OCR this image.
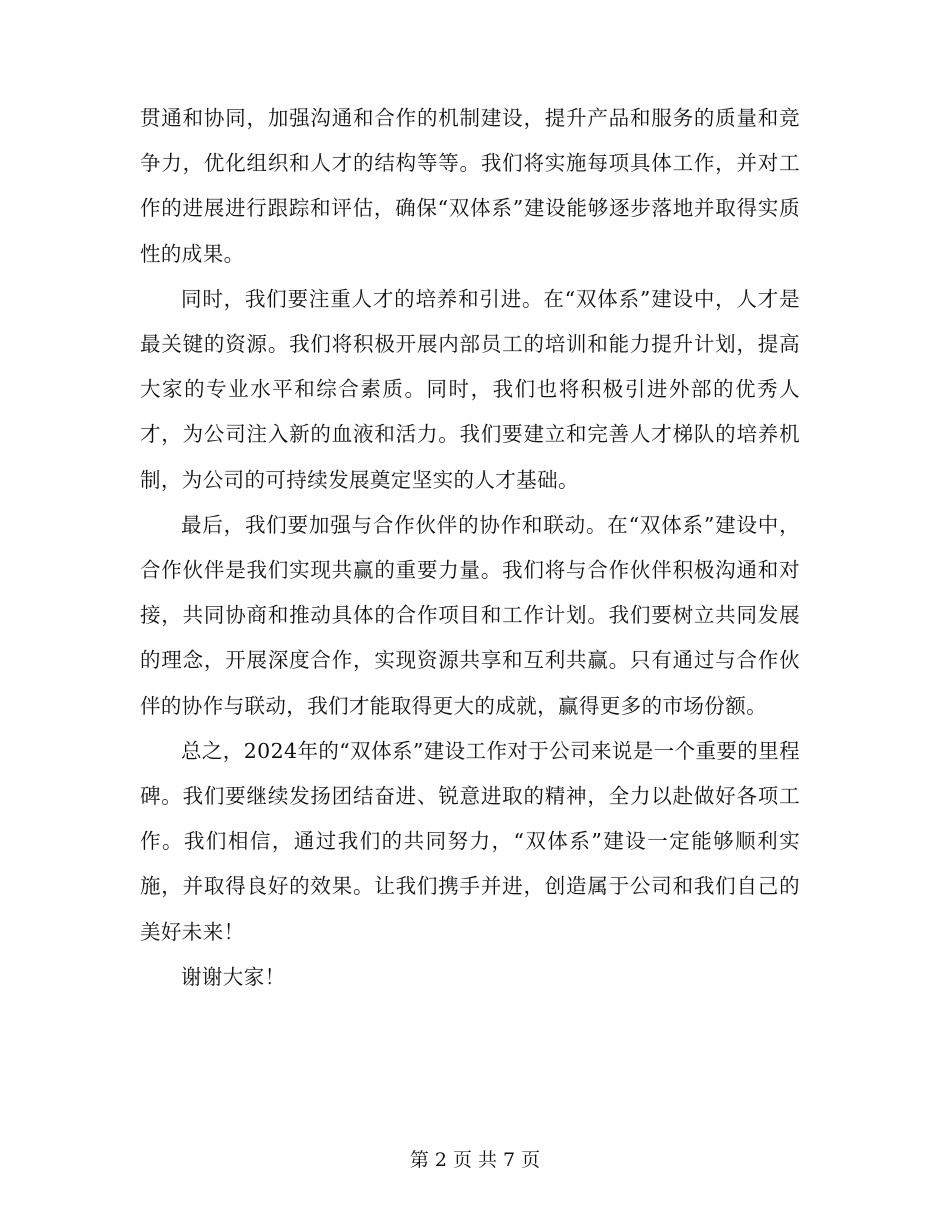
贯通和协同，加强沟通和合作的机制建设，提升产品和服务的质量和竞争力，优化组织和人才的结构等等。我们将实施每项具体工作，并对工作的进展进行跟踪和评估，确保“双体系”建设能够逐步落地并取得实质性的成果。

同时，我们要注重人才的培养和引进。在“双体系”建设中，人才是最关键的资源。我们将积极开展内部员工的培训和能力提升计划，提高大家的专业水平和综合素质。同时，我们也将积极引进外部的优秀人才，为公司注入新的血液和活力。我们要建立和完善人才梯队的培养机制，为公司的可持续发展奠定坚实的人才基础。

最后，我们要加强与合作伙伴的协作和联动。在“双体系”建设中，合作伙伴是我们实现共赢的重要力量。我们将与合作伙伴积极沟通和对接，共同协商和推动具体的合作项目和工作计划。我们要树立共同发展的理念，开展深度合作，实现资源共享和互利共赢。只有通过与合作伙伴的协作与联动，我们才能取得更大的成就，赢得更多的市场份额。

总之，2024年的“双体系”建设工作对于公司来说是一个重要的里程碑。我们要继续发扬团结奋进、锐意进取的精神，全力以赴做好各项工作。我们相信，通过我们的共同努力，“双体系”建设一定能够顺利实施，并取得良好的效果。让我们携手并进，创造属于公司和我们自己的美好未来！

谢谢大家！

第 2 页 共 7 页
